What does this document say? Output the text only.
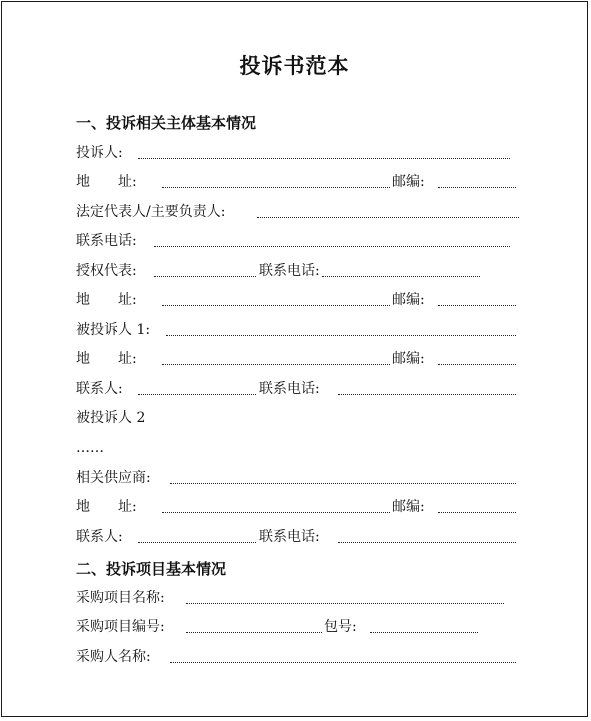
投诉书范本
一、投诉相关主体基本情况
投诉人:
地　　址:	邮编:
法定代表人/主要负责人:
联系电话:
授权代表:	联系电话:
地　　址:	邮编:
被投诉人 1:
地　　址:	邮编:
联系人:	联系电话:
被投诉人 2
……
相关供应商:
地　　址:	邮编:
联系人:	联系电话:
二、投诉项目基本情况
采购项目名称:
采购项目编号:	包号:
采购人名称:
